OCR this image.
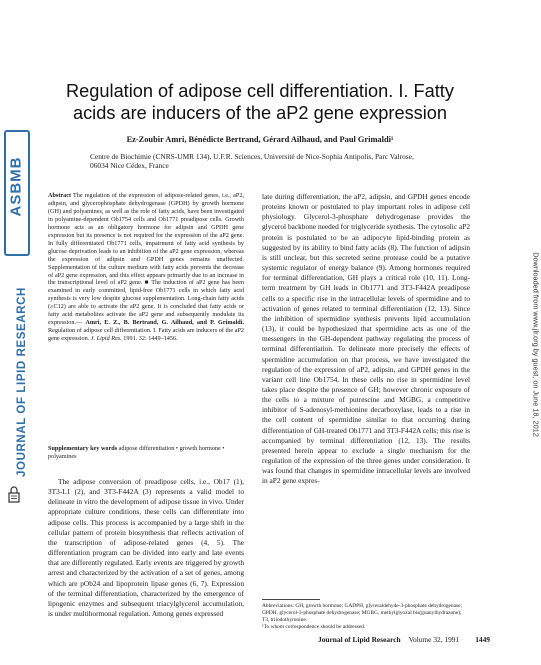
ASBMB
JOURNAL OF LIPID RESEARCH	Downloaded from www.jlr.org by guest, on June 18, 2012
Regulation of adipose cell differentiation. I. Fatty
acids are inducers of the aP2 gene expression
Ez-Zoubir Amri, Bénédicte Bertrand, Gérard Ailhaud, and Paul Grimaldi¹
Centre de Biochimie (CNRS-UMR 134), U.F.R. Sciences, Université de Nice-Sophia Antipolis, Parc Valrose, 06034 Nice Cédex, France
Abstract The regulation of the expression of adipose-related genes, i.e., aP2, adipsin, and glycerophosphate dehydrogenase (GPDH) by growth hormone (GH) and polyamines, as well as the role of fatty acids, have been investigated in polyamine-dependent Ob1754 cells and Ob1771 preadipose cells. Growth hormone acts as an obligatory hormone for adipsin and GPDH gene expression but its presence is not required for the expression of the aP2 gene. In fully differentiated Ob1771 cells, impairment of fatty acid synthesis by glucose deprivation leads to an inhibition of the aP2 gene expression, whereas the expression of adipsin and GPDH genes remains unaffected. Supplementation of the culture medium with fatty acids prevents the decrease of aP2 gene expression, and this effect appears primarily due to an increase in the transcriptional level of aP2 gene. ■ The induction of aP2 gene has been examined in early committed, lipid-free Ob1771 cells in which fatty acid synthesis is very low despite glucose supplementation. Long-chain fatty acids (≥C12) are able to activate the aP2 gene. It is concluded that fatty acids or fatty acid metabolites activate the aP2 gene and subsequently modulate its expression.— Amri, E. Z., B. Bertrand, G. Ailhaud, and P. Grimaldi. Regulation of adipose cell differentiation. I. Fatty acids are inducers of the aP2 gene expression. J. Lipid Res. 1991. 32: 1449–1456.
Supplementary key words adipose differentiation • growth hormone • polyamines

The adipose conversion of preadipose cells, i.e., Ob17 (1), 3T3-L1 (2), and 3T3-F442A (3) represents a valid model to delineate in vitro the development of adipose tissue in vivo. Under appropriate culture conditions, these cells can differentiate into adipose cells. This process is accompanied by a large shift in the cellular pattern of protein biosynthesis that reflects activation of the transcription of adipose-related genes (4, 5). The differentiation program can be divided into early and late events that are differently regulated. Early events are triggered by growth arrest and characterized by the activation of a set of genes, among which are pOb24 and lipoprotein lipase genes (6, 7). Expression of the terminal differentiation, characterized by the emergence of lipogenic enzymes and subsequent triacylglycerol accumulation, is under multihormonal regulation. Among genes expressed

late during differentiation, the aP2, adipsin, and GPDH genes encode proteins known or postulated to play important roles in adipose cell physiology. Glycerol-3-phosphate dehydrogenase provides the glycerol backbone needed for triglyceride synthesis. The cytosolic aP2 protein is postulated to be an adipocyte lipid-binding protein as suggested by its ability to bind fatty acids (8). The function of adipsin is still unclear, but this secreted serine protease could be a putative systemic regulator of energy balance (9). Among hormones required for terminal differentiation, GH plays a critical role (10, 11). Long-term treatment by GH leads in Ob1771 and 3T3-F442A preadipose cells to a specific rise in the intracellular levels of spermidine and to activation of genes related to terminal differentiation (12, 13). Since the inhibition of spermidine synthesis prevents lipid accumulation (13), it could be hypothesized that spermidine acts as one of the messengers in the GH-dependent pathway regulating the process of terminal differentiation. To delineate more precisely the effects of spermidine accumulation on that process, we have investigated the regulation of the expression of aP2, adipsin, and GPDH genes in the variant cell line Ob1754. In these cells no rise in spermidine level takes place despite the presence of GH; however chronic exposure of the cells to a mixture of putrescine and MGBG, a competitive inhibitor of S-adenosyl-methionine decarboxylase, leads to a rise in the cell content of spermidine similar to that occurring during differentiation of GH-treated Ob1771 and 3T3-F442A cells; this rise is accompanied by terminal differentiation (12, 13). The results presented herein appear to exclude a single mechanism for the regulation of the expression of the three genes under consideration. It was found that changes in spermidine intracellular levels are involved in aP2 gene expres-

Abbreviations: GH, growth hormone; GADPH, glyceraldehyde-3-phosphate dehydrogenase; GPDH, glycerol-3-phosphate dehydrogenase; MGBG, methylglyoxal bis(guanylhydrazone); T3, triiodothyronine.
¹To whom correspondence should be addressed.
Journal of Lipid Research Volume 32, 1991 1449
